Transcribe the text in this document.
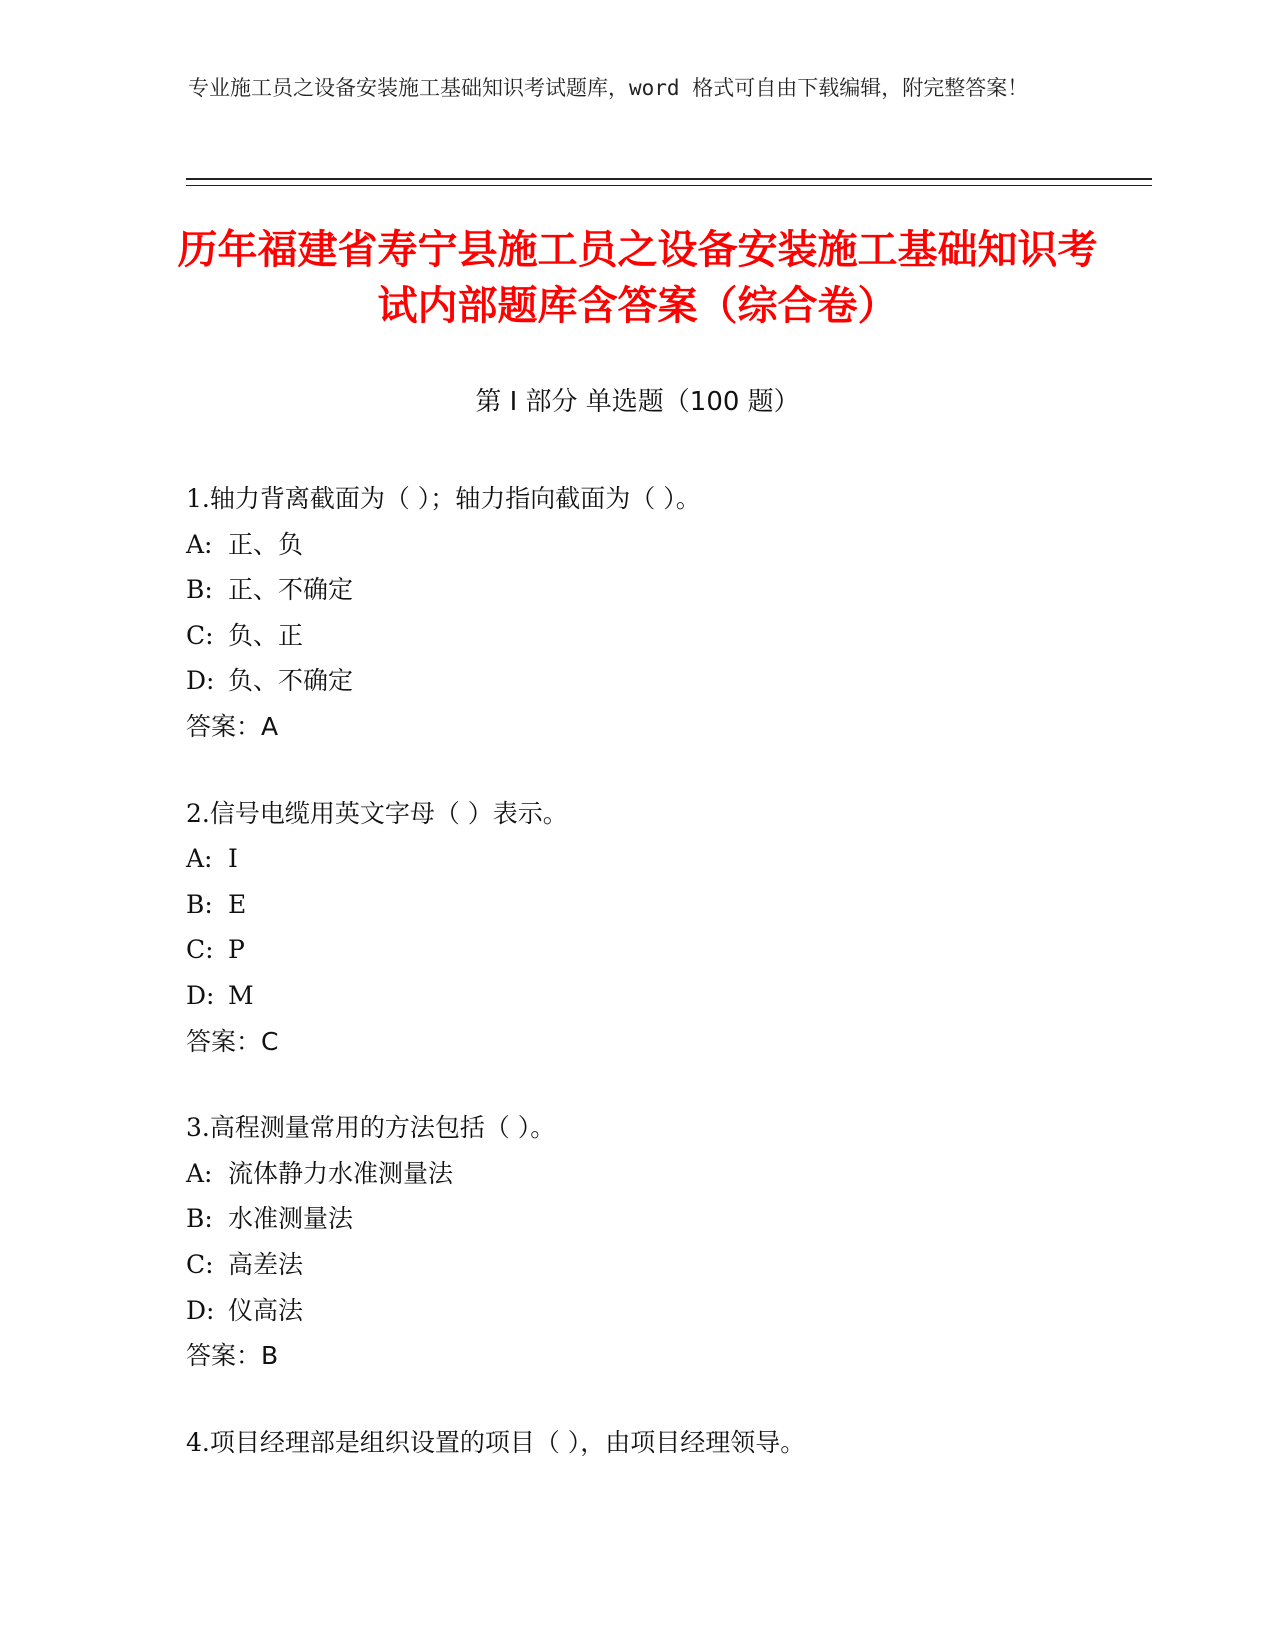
专业施工员之设备安装施工基础知识考试题库，word 格式可自由下载编辑，附完整答案！
历年福建省寿宁县施工员之设备安装施工基础知识考试内部题库含答案（综合卷）
第 I 部分 单选题（100 题）
1.轴力背离截面为（ ）；轴力指向截面为（ ）。
A: 正、负
B: 正、不确定
C: 负、正
D: 负、不确定
答案：A
2.信号电缆用英文字母（ ）表示。
A: I
B: E
C: P
D: M
答案：C
3.高程测量常用的方法包括（ ）。
A: 流体静力水准测量法
B: 水准测量法
C: 高差法
D: 仪高法
答案：B
4.项目经理部是组织设置的项目（ ），由项目经理领导。
